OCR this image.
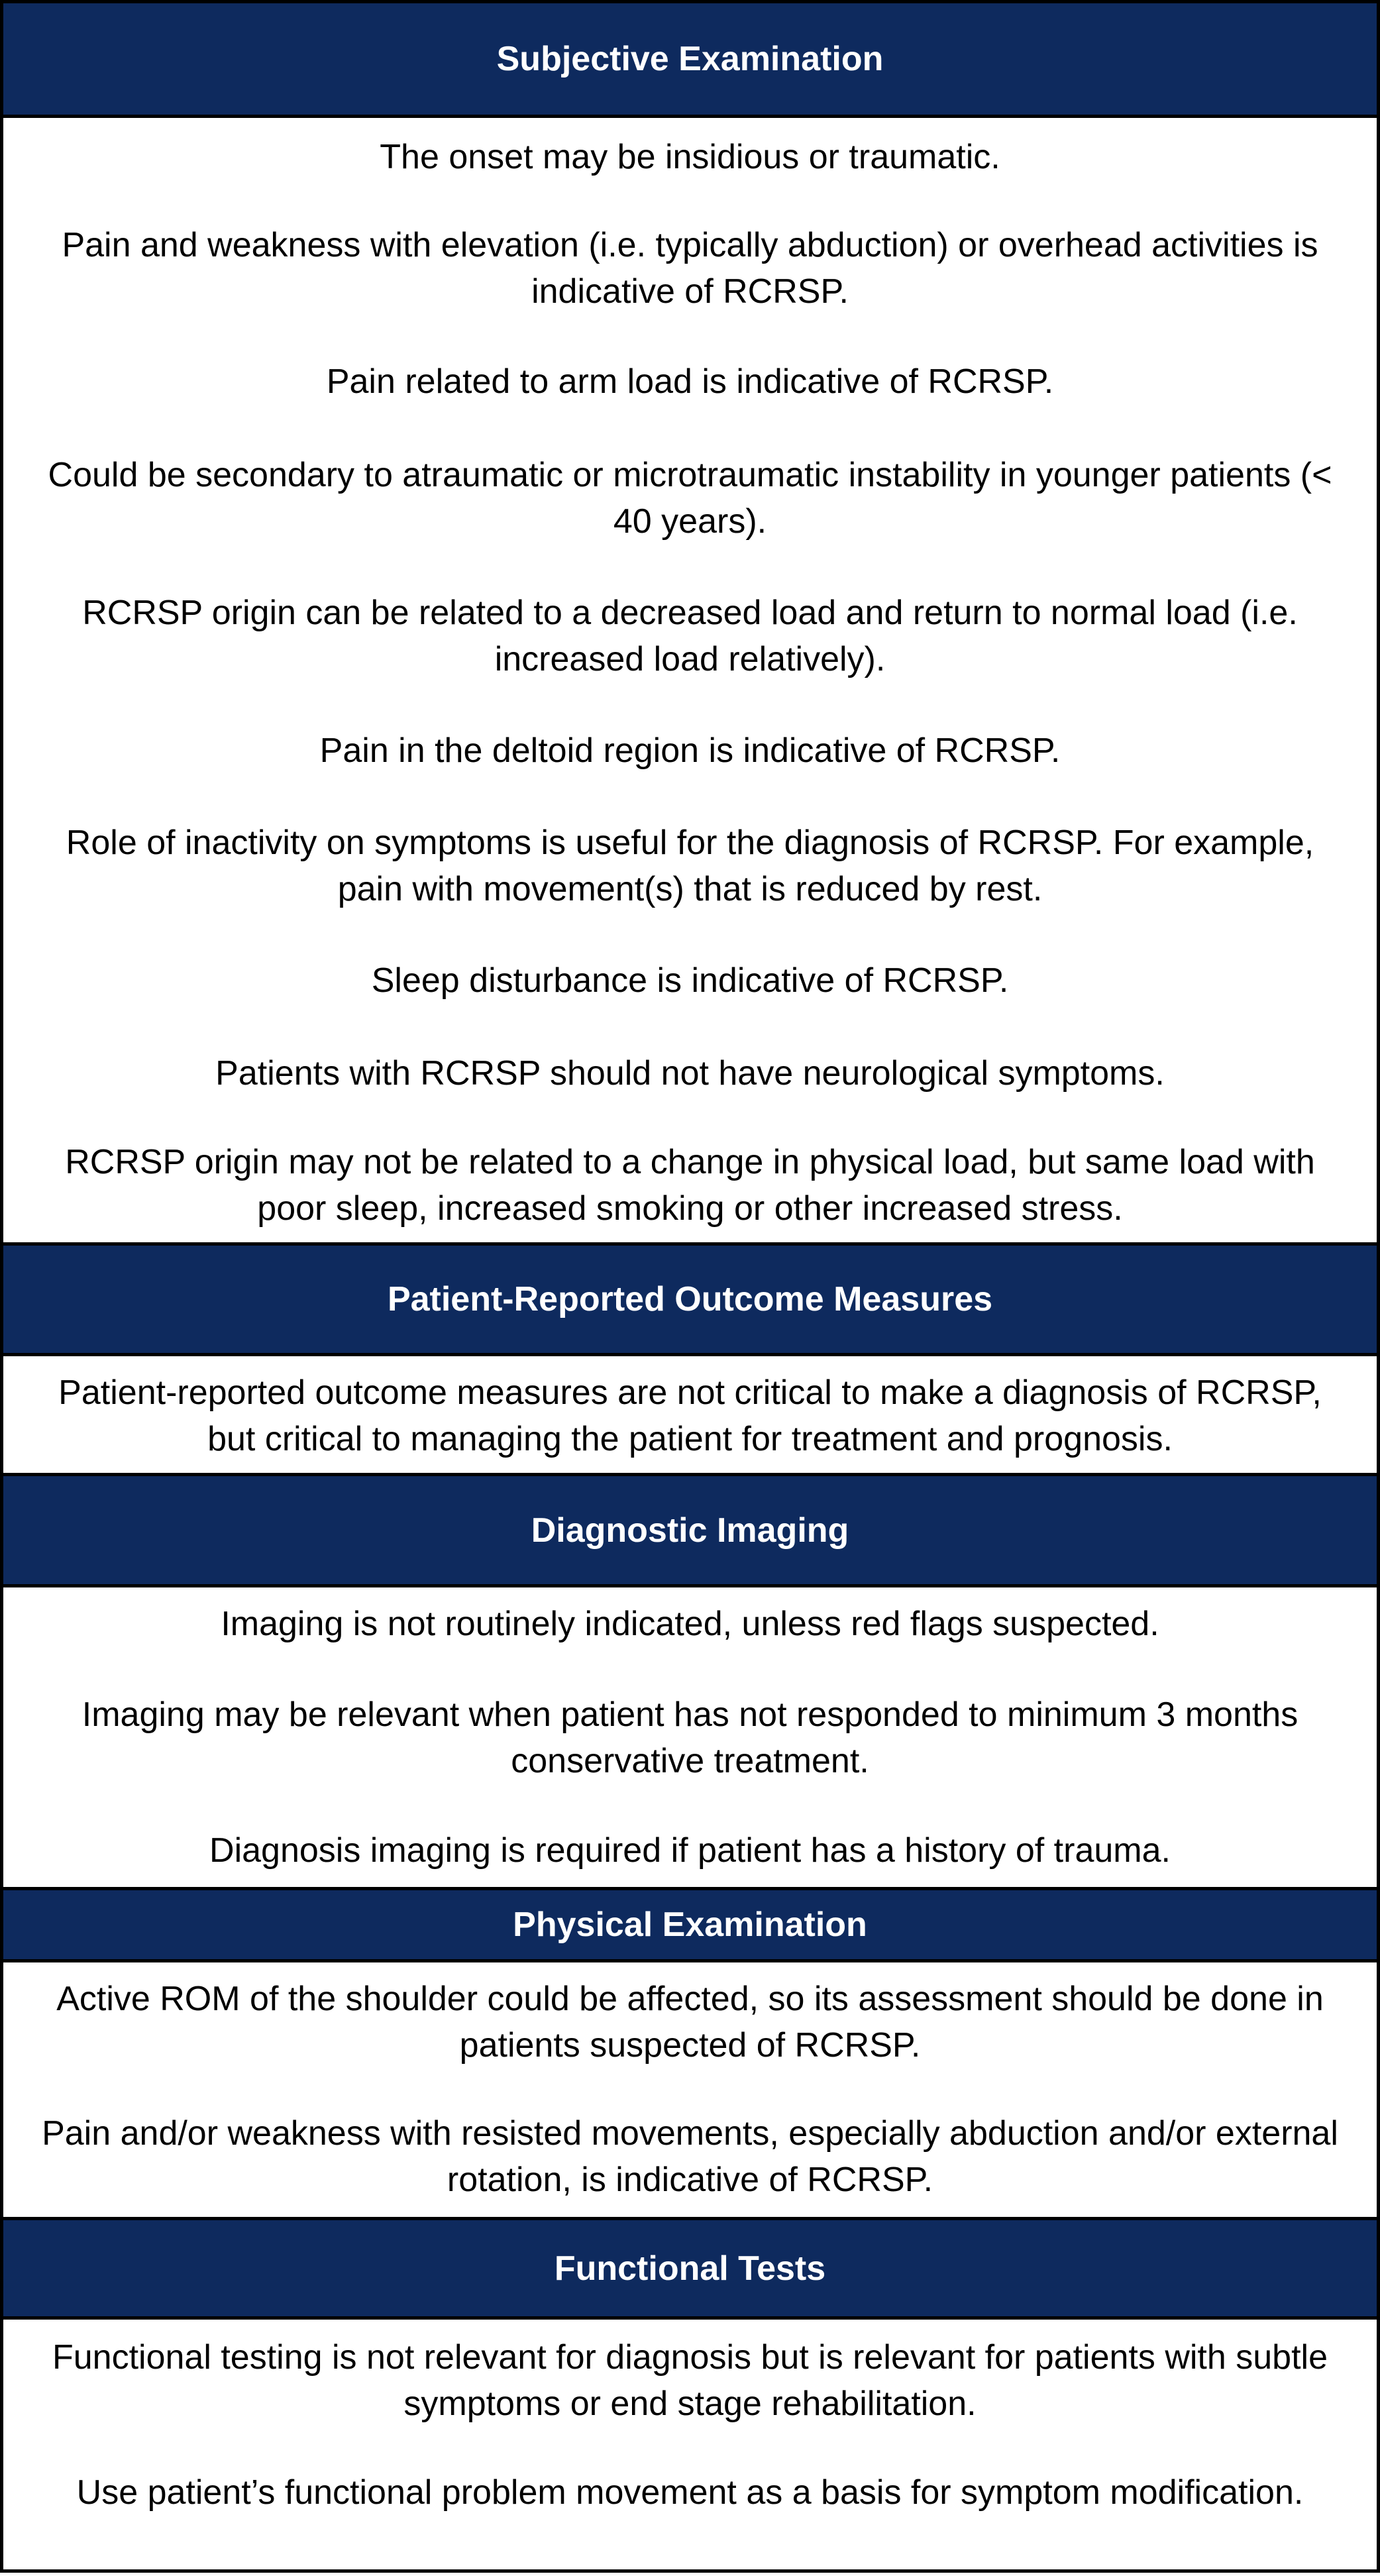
Subjective Examination

The onset may be insidious or traumatic.

Pain and weakness with elevation (i.e. typically abduction) or overhead activities is indicative of RCRSP.

Pain related to arm load is indicative of RCRSP.

Could be secondary to atraumatic or microtraumatic instability in younger patients (< 40 years).

RCRSP origin can be related to a decreased load and return to normal load (i.e. increased load relatively).

Pain in the deltoid region is indicative of RCRSP.

Role of inactivity on symptoms is useful for the diagnosis of RCRSP. For example, pain with movement(s) that is reduced by rest.

Sleep disturbance is indicative of RCRSP.

Patients with RCRSP should not have neurological symptoms.

RCRSP origin may not be related to a change in physical load, but same load with poor sleep, increased smoking or other increased stress.

Patient-Reported Outcome Measures

Patient-reported outcome measures are not critical to make a diagnosis of RCRSP, but critical to managing the patient for treatment and prognosis.

Diagnostic Imaging

Imaging is not routinely indicated, unless red flags suspected.

Imaging may be relevant when patient has not responded to minimum 3 months conservative treatment.

Diagnosis imaging is required if patient has a history of trauma.

Physical Examination

Active ROM of the shoulder could be affected, so its assessment should be done in patients suspected of RCRSP.

Pain and/or weakness with resisted movements, especially abduction and/or external rotation, is indicative of RCRSP.

Functional Tests

Functional testing is not relevant for diagnosis but is relevant for patients with subtle symptoms or end stage rehabilitation.

Use patient’s functional problem movement as a basis for symptom modification.
